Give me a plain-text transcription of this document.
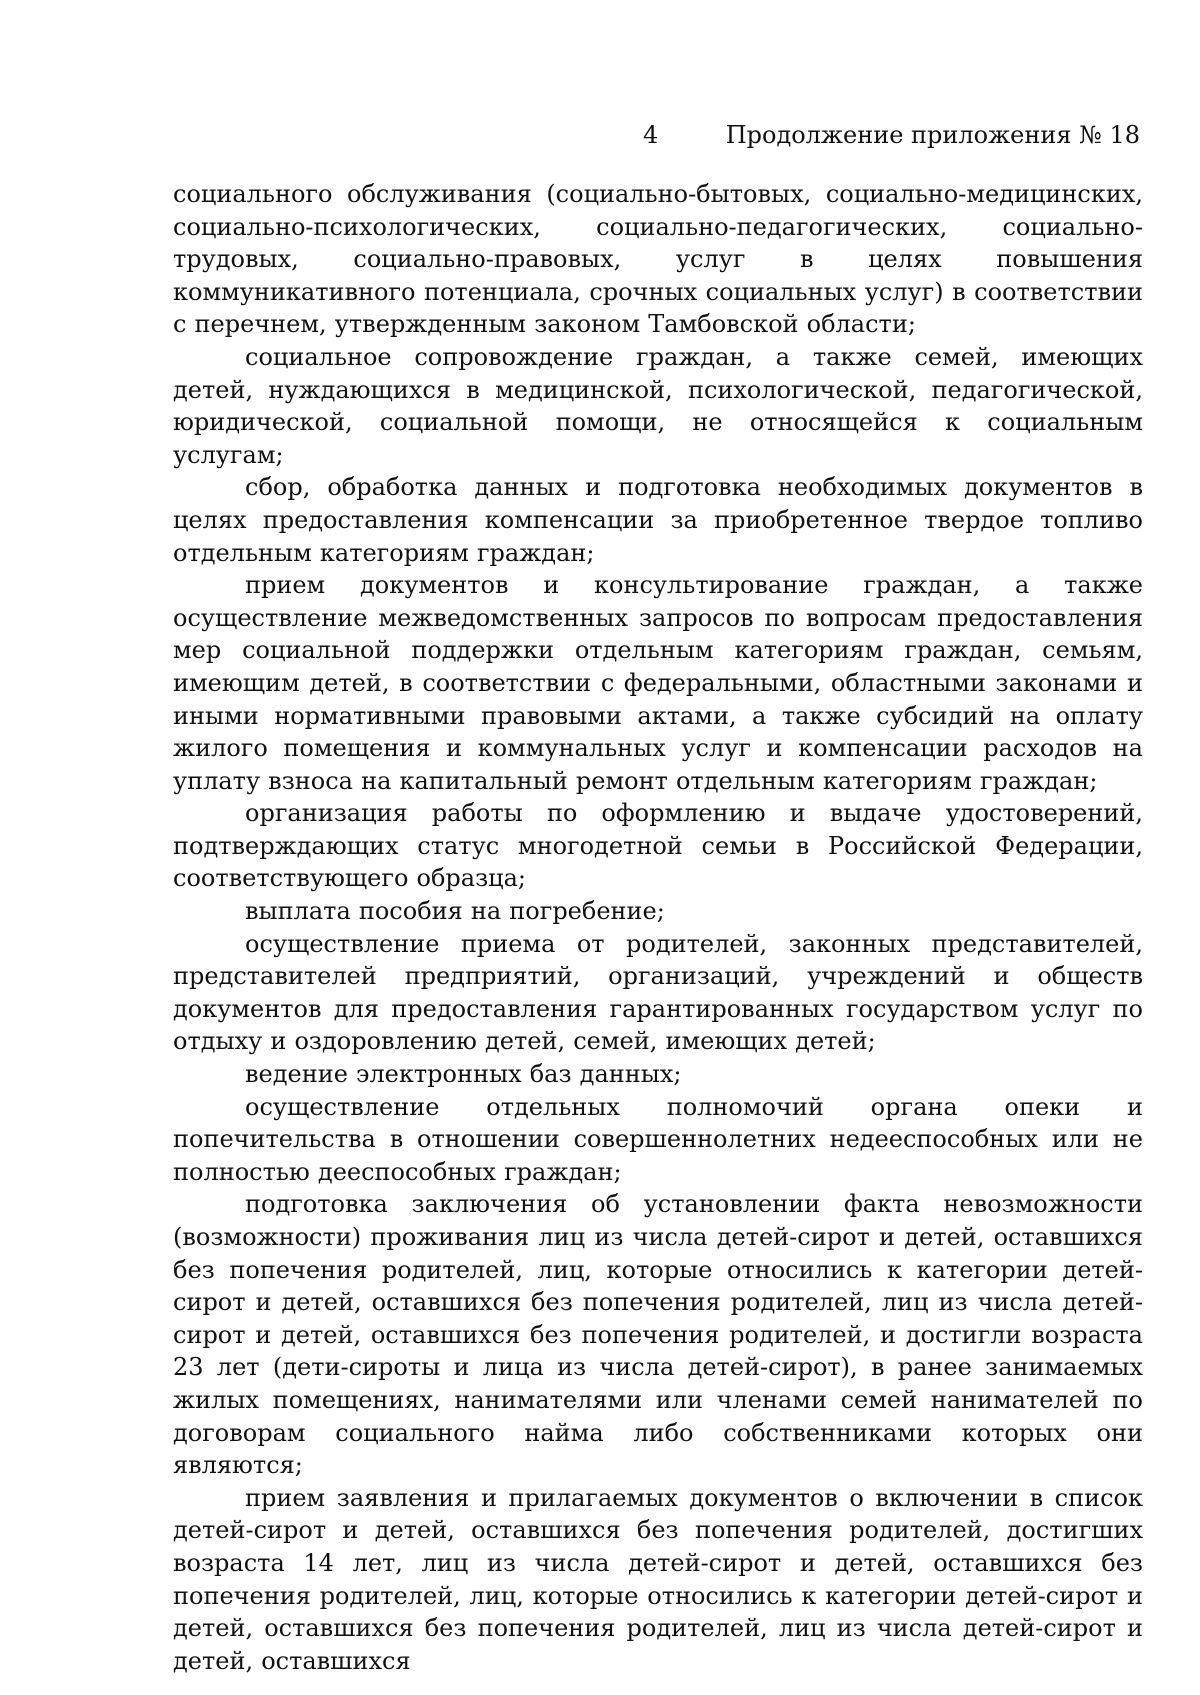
4	Продолжение приложения № 18

социального обслуживания (социально-бытовых, социально-медицинских, социально-психологических, социально-педагогических, социально-трудовых, социально-правовых, услуг в целях повышения коммуникативного потенциала, срочных социальных услуг) в соответствии с перечнем, утвержденным законом Тамбовской области;

социальное сопровождение граждан, а также семей, имеющих детей, нуждающихся в медицинской, психологической, педагогической, юридической, социальной помощи, не относящейся к социальным услугам;

сбор, обработка данных и подготовка необходимых документов в целях предоставления компенсации за приобретенное твердое топливо отдельным категориям граждан;

прием документов и консультирование граждан, а также осуществление межведомственных запросов по вопросам предоставления мер социальной поддержки отдельным категориям граждан, семьям, имеющим детей, в соответствии с федеральными, областными законами и иными нормативными правовыми актами, а также субсидий на оплату жилого помещения и коммунальных услуг и компенсации расходов на уплату взноса на капитальный ремонт отдельным категориям граждан;

организация работы по оформлению и выдаче удостоверений, подтверждающих статус многодетной семьи в Российской Федерации, соответствующего образца;

выплата пособия на погребение;

осуществление приема от родителей, законных представителей, представителей предприятий, организаций, учреждений и обществ документов для предоставления гарантированных государством услуг по отдыху и оздоровлению детей, семей, имеющих детей;

ведение электронных баз данных;

осуществление отдельных полномочий органа опеки и попечительства в отношении совершеннолетних недееспособных или не полностью дееспособных граждан;

подготовка заключения об установлении факта невозможности (возможности) проживания лиц из числа детей-сирот и детей, оставшихся без попечения родителей, лиц, которые относились к категории детей-сирот и детей, оставшихся без попечения родителей, лиц из числа детей-сирот и детей, оставшихся без попечения родителей, и достигли возраста 23 лет (дети-сироты и лица из числа детей-сирот), в ранее занимаемых жилых помещениях, нанимателями или членами семей нанимателей по договорам социального найма либо собственниками которых они являются;

прием заявления и прилагаемых документов о включении в список детей-сирот и детей, оставшихся без попечения родителей, достигших возраста 14 лет, лиц из числа детей-сирот и детей, оставшихся без попечения родителей, лиц, которые относились к категории детей-сирот и детей, оставшихся без попечения родителей, лиц из числа детей-сирот и детей, оставшихся
